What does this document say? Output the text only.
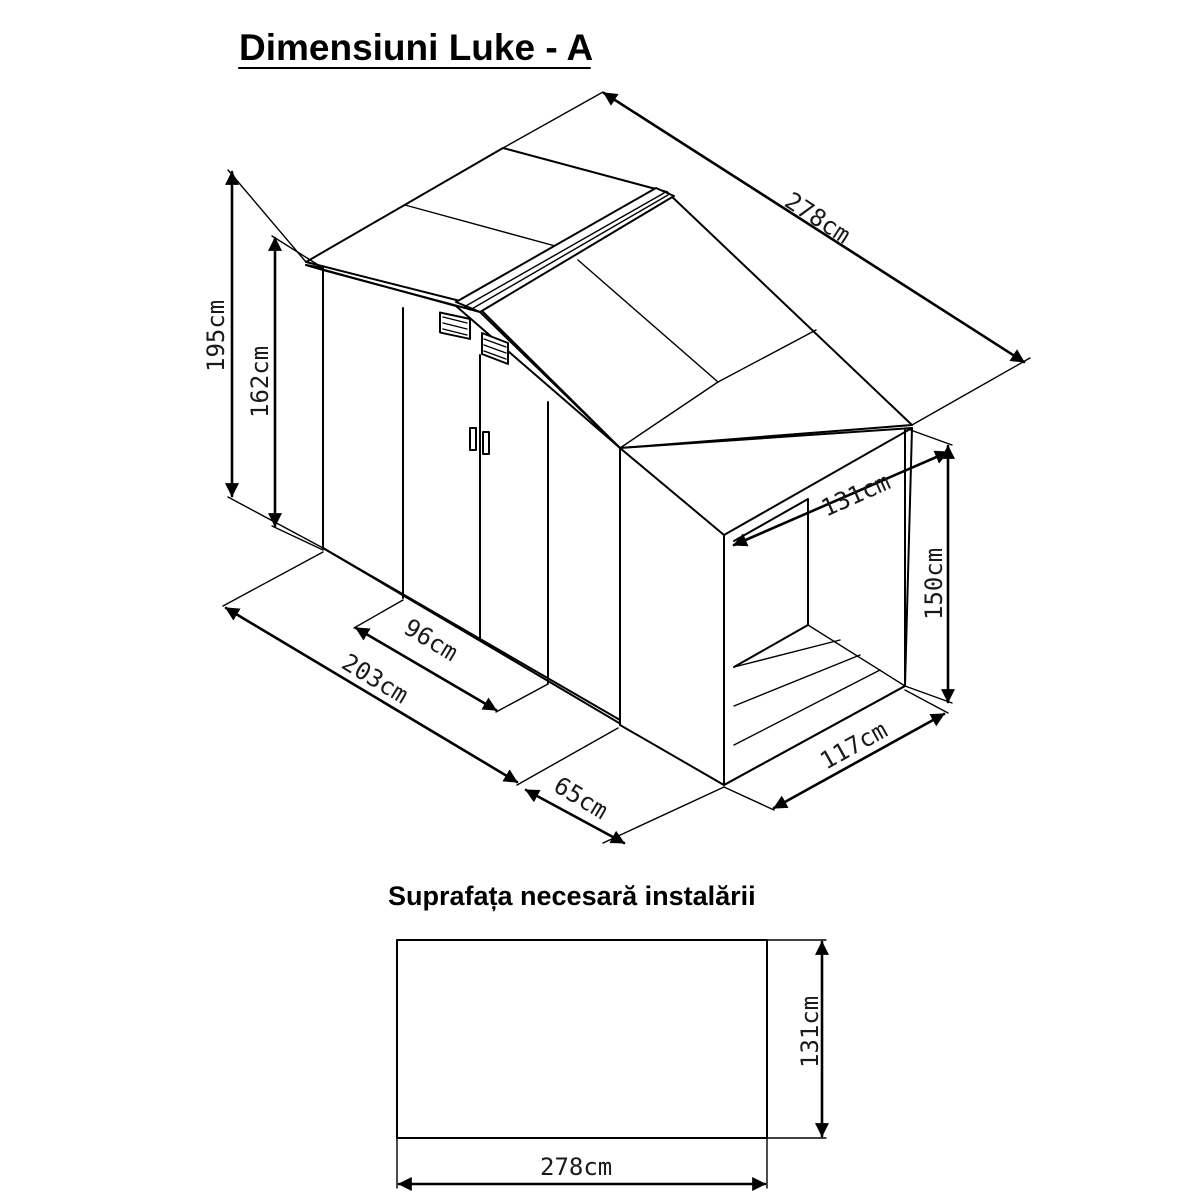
Dimensiuni Luke - A
278cm
195cm
162cm
131cm
150cm
96cm
203cm
65cm
117cm
Suprafața necesară instalării
131cm
278cm
